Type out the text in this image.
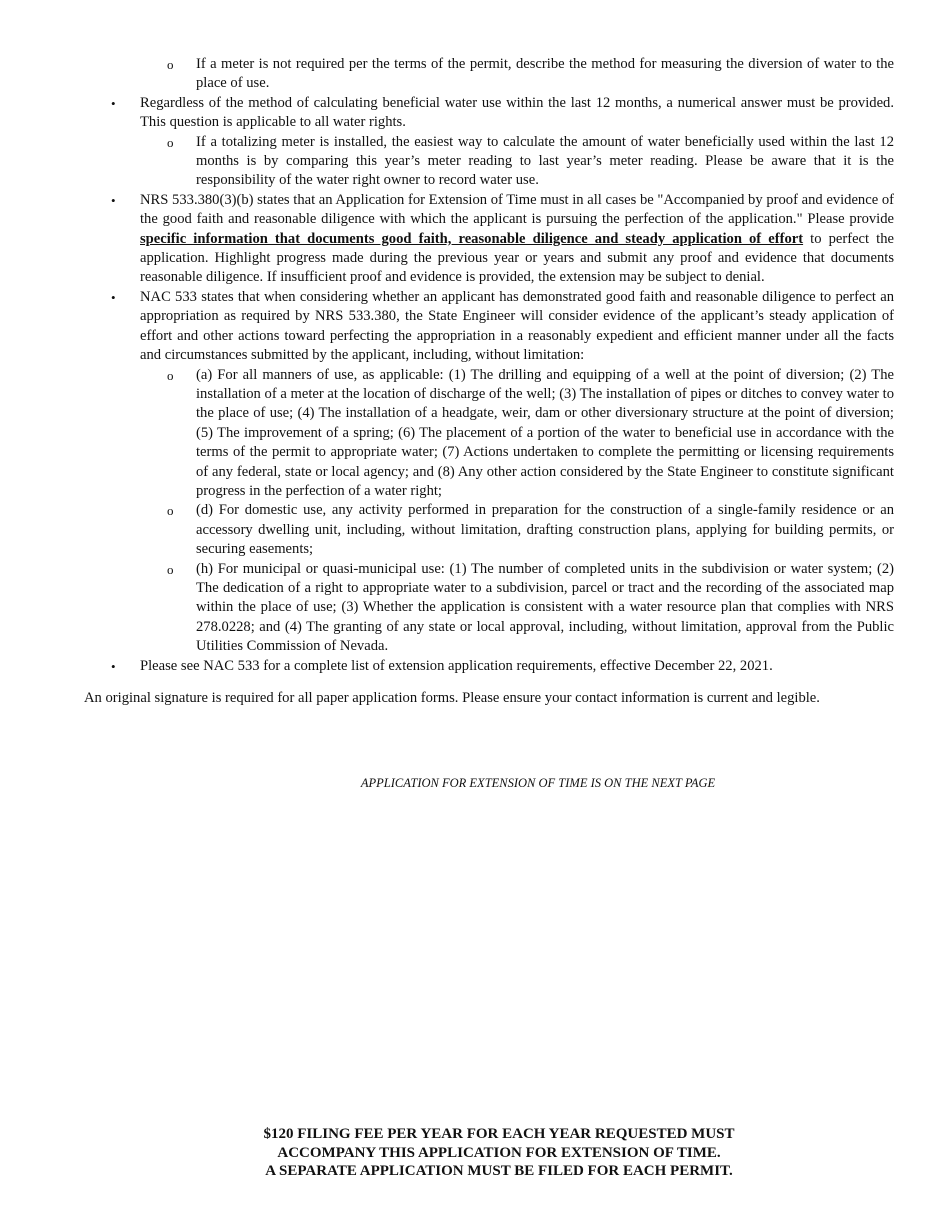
o If a meter is not required per the terms of the permit, describe the method for measuring the diversion of water to the place of use.
• Regardless of the method of calculating beneficial water use within the last 12 months, a numerical answer must be provided. This question is applicable to all water rights.
o If a totalizing meter is installed, the easiest way to calculate the amount of water beneficially used within the last 12 months is by comparing this year’s meter reading to last year’s meter reading. Please be aware that it is the responsibility of the water right owner to record water use.
• NRS 533.380(3)(b) states that an Application for Extension of Time must in all cases be "Accompanied by proof and evidence of the good faith and reasonable diligence with which the applicant is pursuing the perfection of the application." Please provide specific information that documents good faith, reasonable diligence and steady application of effort to perfect the application. Highlight progress made during the previous year or years and submit any proof and evidence that documents reasonable diligence. If insufficient proof and evidence is provided, the extension may be subject to denial.
• NAC 533 states that when considering whether an applicant has demonstrated good faith and reasonable diligence to perfect an appropriation as required by NRS 533.380, the State Engineer will consider evidence of the applicant’s steady application of effort and other actions toward perfecting the appropriation in a reasonably expedient and efficient manner under all the facts and circumstances submitted by the applicant, including, without limitation:
o (a) For all manners of use, as applicable: (1) The drilling and equipping of a well at the point of diversion; (2) The installation of a meter at the location of discharge of the well; (3) The installation of pipes or ditches to convey water to the place of use; (4) The installation of a headgate, weir, dam or other diversionary structure at the point of diversion; (5) The improvement of a spring; (6) The placement of a portion of the water to beneficial use in accordance with the terms of the permit to appropriate water; (7) Actions undertaken to complete the permitting or licensing requirements of any federal, state or local agency; and (8) Any other action considered by the State Engineer to constitute significant progress in the perfection of a water right;
o (d) For domestic use, any activity performed in preparation for the construction of a single-family residence or an accessory dwelling unit, including, without limitation, drafting construction plans, applying for building permits, or securing easements;
o (h) For municipal or quasi-municipal use: (1) The number of completed units in the subdivision or water system; (2) The dedication of a right to appropriate water to a subdivision, parcel or tract and the recording of the associated map within the place of use; (3) Whether the application is consistent with a water resource plan that complies with NRS 278.0228; and (4) The granting of any state or local approval, including, without limitation, approval from the Public Utilities Commission of Nevada.
• Please see NAC 533 for a complete list of extension application requirements, effective December 22, 2021.
An original signature is required for all paper application forms. Please ensure your contact information is current and legible.
APPLICATION FOR EXTENSION OF TIME IS ON THE NEXT PAGE
$120 FILING FEE PER YEAR FOR EACH YEAR REQUESTED MUST
ACCOMPANY THIS APPLICATION FOR EXTENSION OF TIME.
A SEPARATE APPLICATION MUST BE FILED FOR EACH PERMIT.
